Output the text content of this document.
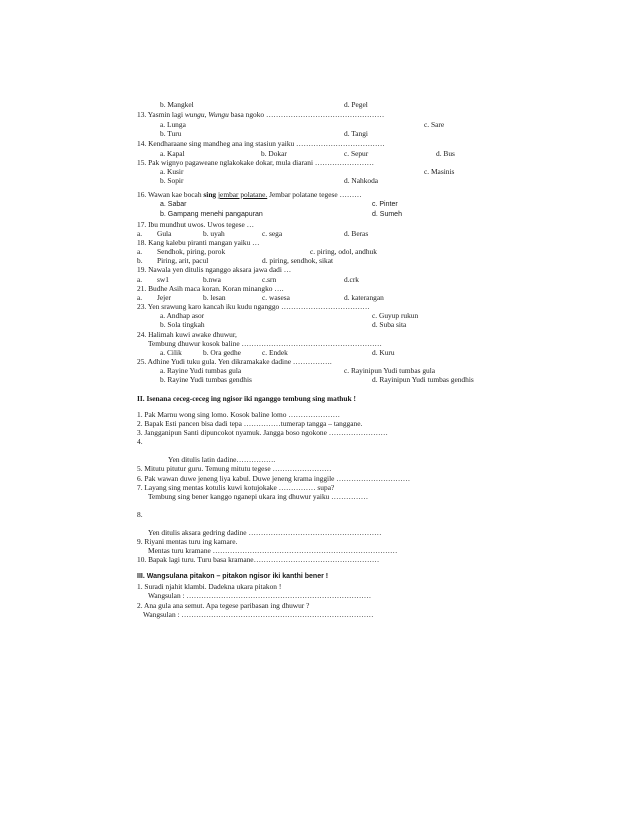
b. Mangkel	d. Pegel
13. Yasmin lagi wungu, Wungu basa ngoko …………………………………………
a. Lunga	c. Sare
b. Turu	d. Tangi
14. Kendharaane sing mandheg ana ing stasiun yaiku ………………………………
a. Kapal	b. Dokar	c. Sepur	d. Bus
15. Pak wignyo pagaweane nglakokake dokar, mula diarani ……………………
a. Kusir	c. Masinis
b. Sopir	d. Nahkoda
16. Wawan kae bocah sing jembar polatane. Jembar polatane tegese ………
a. Sabar	c. Pinter
b. Gampang menehi pangapuran	d. Sumeh
17. Ibu mundhut uwos. Uwos tegese …
a. Gula	b. uyah	c. sega	d. Beras
18. Kang kalebu piranti mangan yaiku …
a. Sendhok, piring, porok	c. piring, odol, andhuk
b. Piring, arit, pacul	d. piring, sendhok, sikat
19. Nawala yen ditulis nganggo aksara jawa dadi …
a. sw1	b.nwa	c.srn	d.crk
21. Budhe Asih maca koran. Koran minangko ….
a. Jejer	b. lesan	c. wasesa	d. katerangan
23. Yen srawung karo kancah iku kudu nganggo ………………………………
a. Andhap asor	c. Guyup rukun
b. Sola tingkah	d. Suba sita
24. Halimah kuwi awake dhuwur,
Tembung dhuwur kosok baline …………………………………………………
a. Cilik	b. Ora gedhe	c. Endek	d. Kuru
25. Adhine Yudi tuku gula. Yen dikramakake dadine …………….
a. Rayine Yudi tumbas gula	c. Rayinipun Yudi tumbas gula
b. Rayine Yudi tumbas gendhis	d. Rayinipun Yudi tumbas gendhis
II. Isenana ceceg-ceceg ing ngisor iki nganggo tembung sing mathuk !
1. Pak Marnu wong sing lomo. Kosok baline lomo …………………
2. Bapak Esti pancen bisa dadi tepa ……………tumerap tangga – tanggane.
3. Jangganipun Santi dipuncokot nyamuk. Jangga boso ngokone ……………………
4.
Yen ditulis latin dadine…………….
5. Mitutu pitutur guru. Temung mitutu tegese ……………………
6. Pak wawan duwe jeneng liya kabul. Duwe jeneng krama inggile …………………………
7. Layang sing mentas kotulis kuwi kotujokake …………… supa?
Tembung sing bener kanggo nganepi ukara ing dhuwur yaiku ……………
8.
Yen ditulis aksara gedring dadine ………………………………………………
9. Riyani mentas turu ing kamare.
Mentas turu kramane …………………………………………………………………
10. Bapak lagi turu. Turu basa kramane……………………………………………
III. Wangsulana pitakon – pitakon ngisor iki kanthi bener !
1. Suradi njahit klambi. Dadekna ukara pitakon !
Wangsulan : …………………………………………………………………
2. Ana gula ana semut. Apa tegese paribasan ing dhuwur ?
Wangsulan : ……………………………………………………………………
